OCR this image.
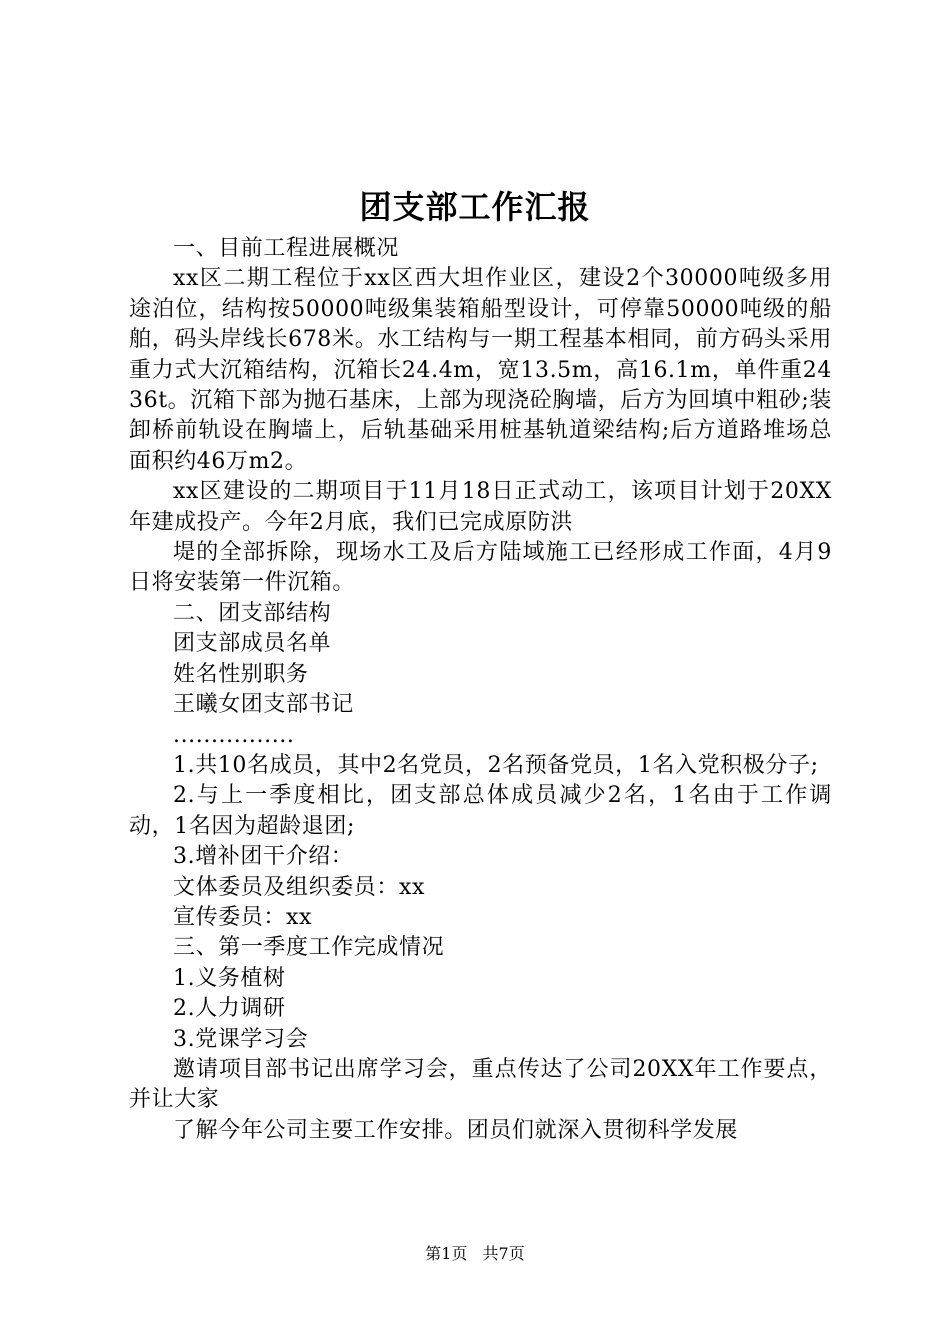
团支部工作汇报

一、目前工程进展概况

xx区二期工程位于xx区西大坦作业区，建设2个30000吨级多用途泊位，结构按50000吨级集装箱船型设计，可停靠50000吨级的船舶，码头岸线长678米。水工结构与一期工程基本相同，前方码头采用重力式大沉箱结构，沉箱长24.4m，宽13.5m，高16.1m，单件重2436t。沉箱下部为抛石基床，上部为现浇砼胸墙，后方为回填中粗砂;装卸桥前轨设在胸墙上，后轨基础采用桩基轨道梁结构;后方道路堆场总面积约46万m2。

xx区建设的二期项目于11月18日正式动工，该项目计划于20XX年建成投产。今年2月底，我们已完成原防洪

堤的全部拆除，现场水工及后方陆域施工已经形成工作面，4月9日将安装第一件沉箱。

二、团支部结构

团支部成员名单

姓名性别职务

王曦女团支部书记

................

1.共10名成员，其中2名党员，2名预备党员，1名入党积极分子;

2.与上一季度相比，团支部总体成员减少2名，1名由于工作调动，1名因为超龄退团;

3.增补团干介绍：

文体委员及组织委员：xx

宣传委员：xx

三、第一季度工作完成情况

1.义务植树

2.人力调研

3.党课学习会

邀请项目部书记出席学习会，重点传达了公司20XX年工作要点，并让大家

了解今年公司主要工作安排。团员们就深入贯彻科学发展

第1页 共7页
